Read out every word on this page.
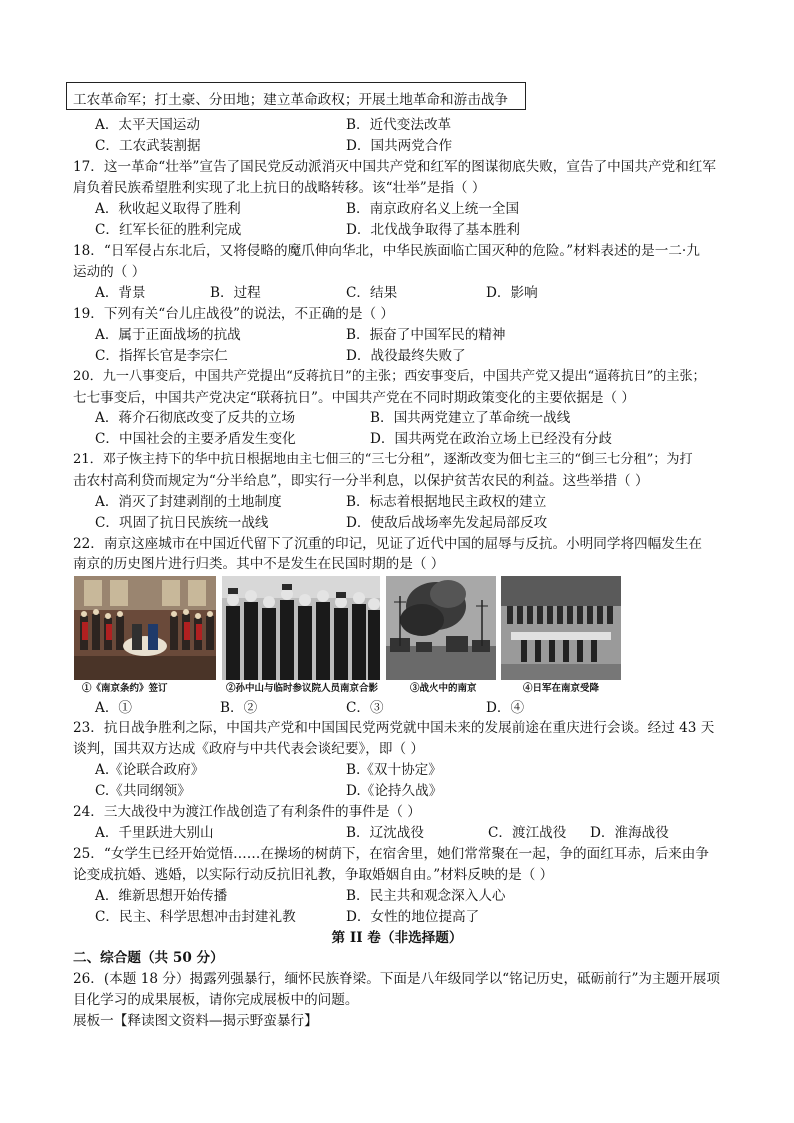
工农革命军；打土豪、分田地；建立革命政权；开展土地革命和游击战争
A．太平天国运动	B．近代变法改革
C．工农武装割据	D．国共两党合作
17．这一革命“壮举”宣告了国民党反动派消灭中国共产党和红军的图谋彻底失败，宣告了中国共产党和红军
肩负着民族希望胜利实现了北上抗日的战略转移。该“壮举”是指（ ）
A．秋收起义取得了胜利	B．南京政府名义上统一全国
C．红军长征的胜利完成	D．北伐战争取得了基本胜利
18．“日军侵占东北后，又将侵略的魔爪伸向华北，中华民族面临亡国灭种的危险。”材料表述的是一二·九
运动的（ ）
A．背景	B．过程	C．结果	D．影响
19．下列有关“台儿庄战役”的说法，不正确的是（ ）
A．属于正面战场的抗战	B．振奋了中国军民的精神
C．指挥长官是李宗仁	D．战役最终失败了
20．九一八事变后，中国共产党提出“反蒋抗日”的主张；西安事变后，中国共产党又提出“逼蒋抗日”的主张；
七七事变后，中国共产党决定“联蒋抗日”。中国共产党在不同时期政策变化的主要依据是（ ）
A．蒋介石彻底改变了反共的立场	B．国共两党建立了革命统一战线
C．中国社会的主要矛盾发生变化	D．国共两党在政治立场上已经没有分歧
21．邓子恢主持下的华中抗日根据地由主七佃三的“三七分租”，逐渐改变为佃七主三的“倒三七分租”；为打
击农村高利贷而规定为“分半给息”，即实行一分半利息，以保护贫苦农民的利益。这些举措（ ）
A．消灭了封建剥削的土地制度	B．标志着根据地民主政权的建立
C．巩固了抗日民族统一战线	D．使敌后战场率先发起局部反攻
22．南京这座城市在中国近代留下了沉重的印记，见证了近代中国的屈辱与反抗。小明同学将四幅发生在
南京的历史图片进行归类。其中不是发生在民国时期的是（ ）
①《南京条约》签订	②孙中山与临时参议院人员南京合影	③战火中的南京	④日军在南京受降
A．①	B．②	C．③	D．④
23．抗日战争胜利之际，中国共产党和中国国民党两党就中国未来的发展前途在重庆进行会谈。经过 43 天
谈判，国共双方达成《政府与中共代表会谈纪要》，即（ ）
A.《论联合政府》	B.《双十协定》
C.《共同纲领》	D.《论持久战》
24．三大战役中为渡江作战创造了有利条件的事件是（ ）
A．千里跃进大别山	B．辽沈战役	C．渡江战役 D．淮海战役
25．“女学生已经开始觉悟……在操场的树荫下，在宿舍里，她们常常聚在一起，争的面红耳赤，后来由争
论变成抗婚、逃婚，以实际行动反抗旧礼教，争取婚姻自由。”材料反映的是（ ）
A．维新思想开始传播	B．民主共和观念深入人心
C．民主、科学思想冲击封建礼教	D．女性的地位提高了
第 II 卷（非选择题）
二、综合题（共 50 分）
26．(本题 18 分）揭露列强暴行，缅怀民族脊梁。下面是八年级同学以“铭记历史，砥砺前行”为主题开展项
目化学习的成果展板，请你完成展板中的问题。
展板一【释读图文资料—揭示野蛮暴行】
